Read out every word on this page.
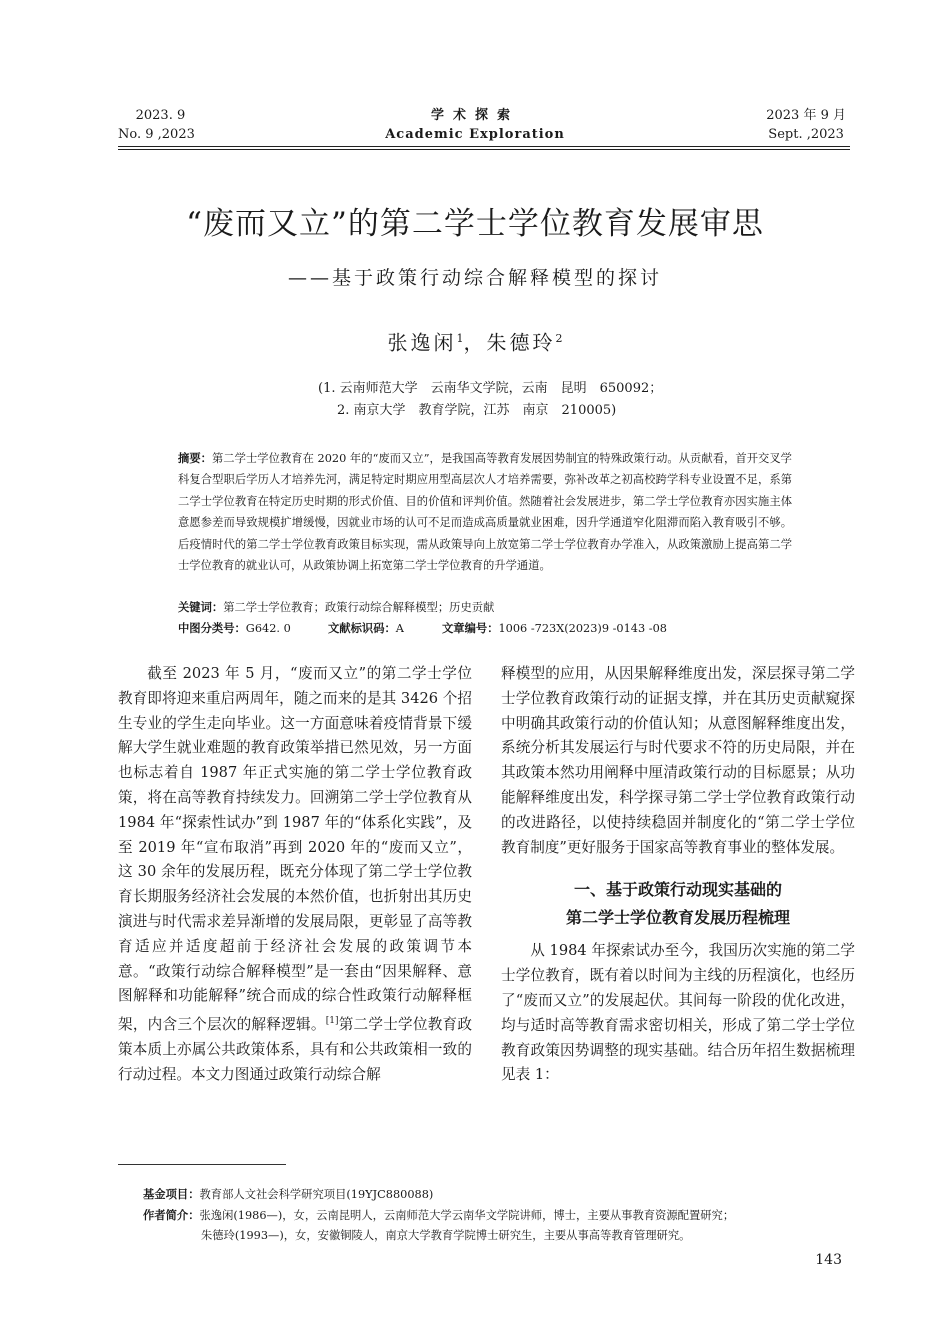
2023. 9
No. 9 ,2023
学术探索
Academic Exploration
2023 年 9 月
Sept. ,2023
“废而又立”的第二学士学位教育发展审思
——基于政策行动综合解释模型的探讨
张逸闲$^1$，朱德玲$^2$
(1. 云南师范大学　云南华文学院，云南　昆明　650092；
2. 南京大学　教育学院，江苏　南京　210005)
摘要：第二学士学位教育在 2020 年的“废而又立”，是我国高等教育发展因势制宜的特殊政策行动。从贡献看，首开交叉学科复合型职后学历人才培养先河，满足特定时期应用型高层次人才培养需要，弥补改革之初高校跨学科专业设置不足，系第二学士学位教育在特定历史时期的形式价值、目的价值和评判价值。然随着社会发展进步，第二学士学位教育亦因实施主体意愿参差而导致规模扩增缓慢，因就业市场的认可不足而造成高质量就业困难，因升学通道窄化阻滞而陷入教育吸引不够。后疫情时代的第二学士学位教育政策目标实现，需从政策导向上放宽第二学士学位教育办学准入，从政策激励上提高第二学士学位教育的就业认可，从政策协调上拓宽第二学士学位教育的升学通道。
关键词：第二学士学位教育；政策行动综合解释模型；历史贡献
中图分类号：G642. 0	文献标识码：A	文章编号：1006 -723X(2023)9 -0143 -08

截至 2023 年 5 月，“废而又立”的第二学士学位教育即将迎来重启两周年，随之而来的是其 3426 个招生专业的学生走向毕业。这一方面意味着疫情背景下缓解大学生就业难题的教育政策举措已然见效，另一方面也标志着自 1987 年正式实施的第二学士学位教育政策，将在高等教育持续发力。回溯第二学士学位教育从 1984 年“探索性试办”到 1987 年的“体系化实践”，及至 2019 年“宣布取消”再到 2020 年的“废而又立”，这 30 余年的发展历程，既充分体现了第二学士学位教育长期服务经济社会发展的本然价值，也折射出其历史演进与时代需求差异渐增的发展局限，更彰显了高等教育适应并适度超前于经济社会发展的政策调节本意。“政策行动综合解释模型”是一套由“因果解释、意图解释和功能解释”统合而成的综合性政策行动解释框架，内含三个层次的解释逻辑。[1]第二学士学位教育政策本质上亦属公共政策体系，具有和公共政策相一致的行动过程。本文力图通过政策行动综合解

释模型的应用，从因果解释维度出发，深层探寻第二学士学位教育政策行动的证据支撑，并在其历史贡献窥探中明确其政策行动的价值认知；从意图解释维度出发，系统分析其发展运行与时代要求不符的历史局限，并在其政策本然功用阐释中厘清政策行动的目标愿景；从功能解释维度出发，科学探寻第二学士学位教育政策行动的改进路径，以使持续稳固并制度化的“第二学士学位教育制度”更好服务于国家高等教育事业的整体发展。

一、基于政策行动现实基础的
第二学士学位教育发展历程梳理

从 1984 年探索试办至今，我国历次实施的第二学士学位教育，既有着以时间为主线的历程演化，也经历了“废而又立”的发展起伏。其间每一阶段的优化改进，均与适时高等教育需求密切相关，形成了第二学士学位教育政策因势调整的现实基础。结合历年招生数据梳理见表 1：

基金项目：教育部人文社会科学研究项目(19YJC880088)
作者简介：张逸闲(1986—)，女，云南昆明人，云南师范大学云南华文学院讲师，博士，主要从事教育资源配置研究；
朱德玲(1993—)，女，安徽铜陵人，南京大学教育学院博士研究生，主要从事高等教育管理研究。
143
